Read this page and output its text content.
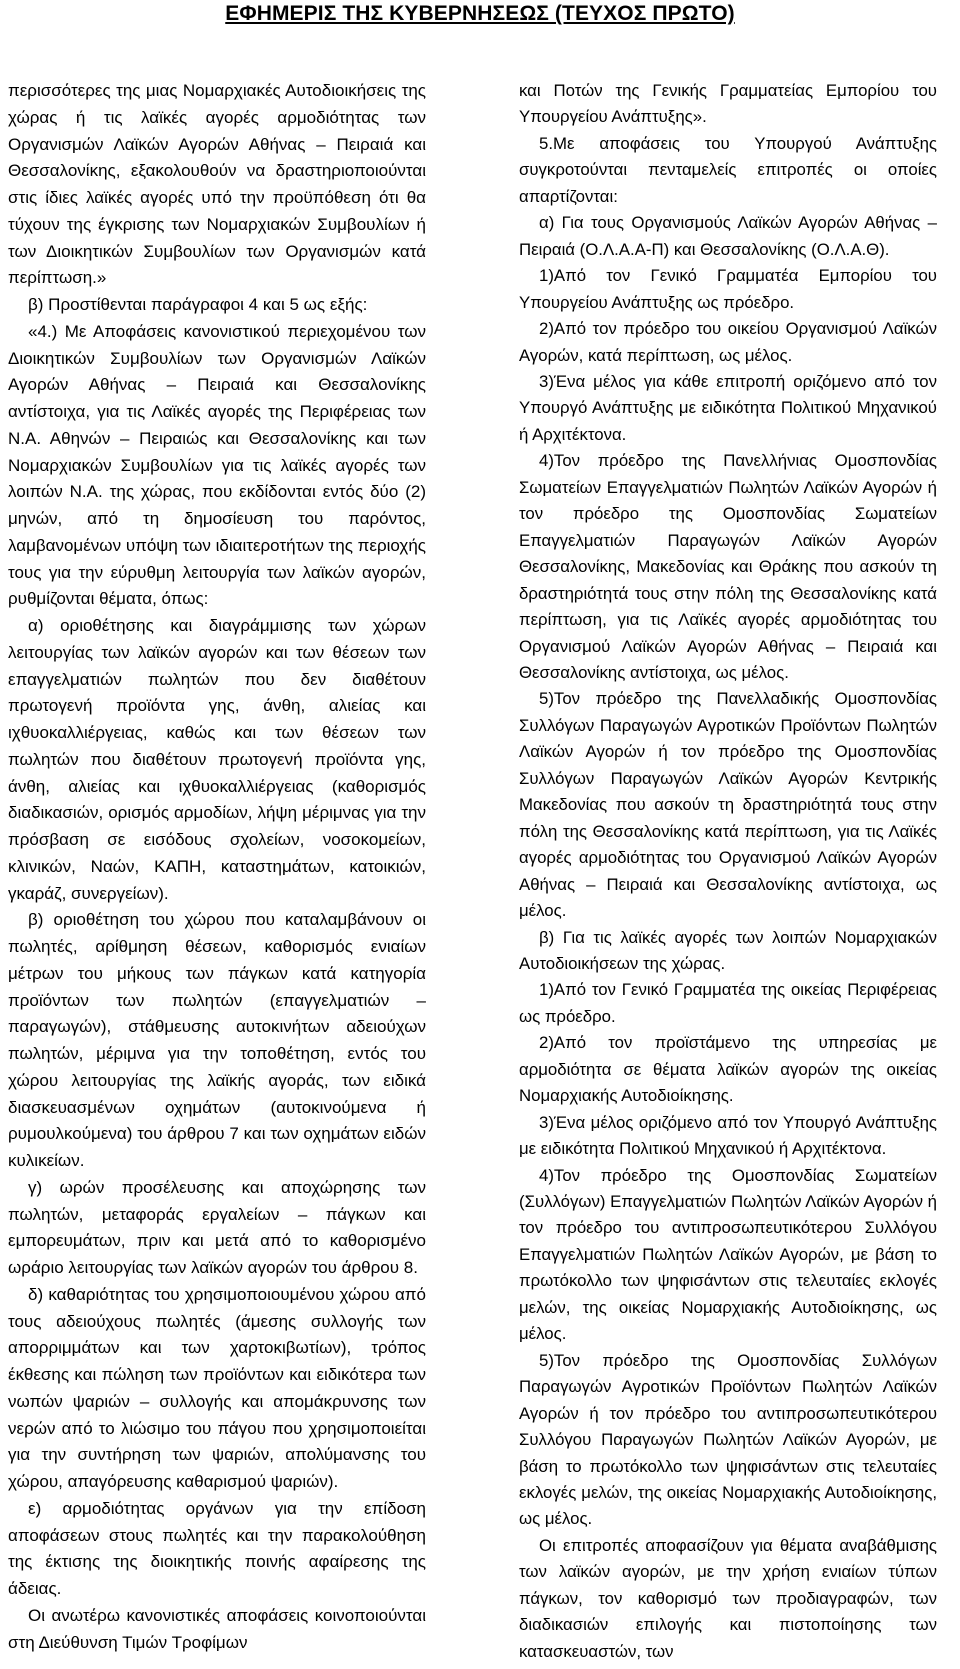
ΕΦΗΜΕΡΙΣ ΤΗΣ ΚΥΒΕΡΝΗΣΕΩΣ (ΤΕΥΧΟΣ ΠΡΩΤΟ)

περισσότερες της μιας Νομαρχιακές Αυτοδιοικήσεις της χώρας ή τις λαϊκές αγορές αρμοδιότητας των Οργανισμών Λαϊκών Αγορών Αθήνας – Πειραιά και Θεσσαλονίκης, εξακολουθούν να δραστηριοποιούνται στις ίδιες λαϊκές αγορές υπό την προϋπόθεση ότι θα τύχουν της έγκρισης των Νομαρχιακών Συμβουλίων ή των Διοικητικών Συμβουλίων των Οργανισμών κατά περίπτωση.»

β) Προστίθενται παράγραφοι 4 και 5 ως εξής:

«4.) Με Αποφάσεις κανονιστικού περιεχομένου των Διοικητικών Συμβουλίων των Οργανισμών Λαϊκών Αγορών Αθήνας – Πειραιά και Θεσσαλονίκης αντίστοιχα, για τις Λαϊκές αγορές της Περιφέρειας των Ν.Α. Αθηνών – Πειραιώς και Θεσσαλονίκης και των Νομαρχιακών Συμβουλίων για τις λαϊκές αγορές των λοιπών Ν.Α. της χώρας, που εκδίδονται εντός δύο (2) μηνών, από τη δημοσίευση του παρόντος, λαμβανομένων υπόψη των ιδιαιτεροτήτων της περιοχής τους για την εύρυθμη λειτουργία των λαϊκών αγορών, ρυθμίζονται θέματα, όπως:

α) οριοθέτησης και διαγράμμισης των χώρων λειτουργίας των λαϊκών αγορών και των θέσεων των επαγγελματιών πωλητών που δεν διαθέτουν πρωτογενή προϊόντα γης, άνθη, αλιείας και ιχθυοκαλλιέργειας, καθώς και των θέσεων των πωλητών που διαθέτουν πρωτογενή προϊόντα γης, άνθη, αλιείας και ιχθυοκαλλιέργειας (καθορισμός διαδικασιών, ορισμός αρμοδίων, λήψη μέριμνας για την πρόσβαση σε εισόδους σχολείων, νοσοκομείων, κλινικών, Ναών, ΚΑΠΗ, καταστημάτων, κατοικιών, γκαράζ, συνεργείων).

β) οριοθέτηση του χώρου που καταλαμβάνουν οι πωλητές, αρίθμηση θέσεων, καθορισμός ενιαίων μέτρων του μήκους των πάγκων κατά κατηγορία προϊόντων των πωλητών (επαγγελματιών – παραγωγών), στάθμευσης αυτοκινήτων αδειούχων πωλητών, μέριμνα για την τοποθέτηση, εντός του χώρου λειτουργίας της λαϊκής αγοράς, των ειδικά διασκευασμένων οχημάτων (αυτοκινούμενα ή ρυμουλκούμενα) του άρθρου 7 και των οχημάτων ειδών κυλικείων.

γ) ωρών προσέλευσης και αποχώρησης των πωλητών, μεταφοράς εργαλείων – πάγκων και εμπορευμάτων, πριν και μετά από το καθορισμένο ωράριο λειτουργίας των λαϊκών αγορών του άρθρου 8.

δ) καθαριότητας του χρησιμοποιουμένου χώρου από τους αδειούχους πωλητές (άμεσης συλλογής των απορριμμάτων και των χαρτοκιβωτίων), τρόπος έκθεσης και πώληση των προϊόντων και ειδικότερα των νωπών ψαριών – συλλογής και απομάκρυνσης των νερών από το λιώσιμο του πάγου που χρησιμοποιείται για την συντήρηση των ψαριών, απολύμανσης του χώρου, απαγόρευσης καθαρισμού ψαριών).

ε) αρμοδιότητας οργάνων για την επίδοση αποφάσεων στους πωλητές και την παρακολούθηση της έκτισης της διοικητικής ποινής αφαίρεσης της άδειας.

Οι ανωτέρω κανονιστικές αποφάσεις κοινοποιούνται στη Διεύθυνση Τιμών Τροφίμων

και Ποτών της Γενικής Γραμματείας Εμπορίου του Υπουργείου Ανάπτυξης».

5.Με αποφάσεις του Υπουργού Ανάπτυξης συγκροτούνται πενταμελείς επιτροπές οι οποίες απαρτίζονται:

α) Για τους Οργανισμούς Λαϊκών Αγορών Αθήνας – Πειραιά (Ο.Λ.Α.Α-Π) και Θεσσαλονίκης (Ο.Λ.Α.Θ).

1)Από τον Γενικό Γραμματέα Εμπορίου του Υπουργείου Ανάπτυξης ως πρόεδρο.

2)Από τον πρόεδρο του οικείου Οργανισμού Λαϊκών Αγορών, κατά περίπτωση, ως μέλος.

3)Ένα μέλος για κάθε επιτροπή οριζόμενο από τον Υπουργό Ανάπτυξης με ειδικότητα Πολιτικού Μηχανικού ή Αρχιτέκτονα.

4)Τον πρόεδρο της Πανελλήνιας Ομοσπονδίας Σωματείων Επαγγελματιών Πωλητών Λαϊκών Αγορών ή τον πρόεδρο της Ομοσπονδίας Σωματείων Επαγγελματιών Παραγωγών Λαϊκών Αγορών Θεσσαλονίκης, Μακεδονίας και Θράκης που ασκούν τη δραστηριότητά τους στην πόλη της Θεσσαλονίκης κατά περίπτωση, για τις Λαϊκές αγορές αρμοδιότητας του Οργανισμού Λαϊκών Αγορών Αθήνας – Πειραιά και Θεσσαλονίκης αντίστοιχα, ως μέλος.

5)Τον πρόεδρο της Πανελλαδικής Ομοσπονδίας Συλλόγων Παραγωγών Αγροτικών Προϊόντων Πωλητών Λαϊκών Αγορών ή τον πρόεδρο της Ομοσπονδίας Συλλόγων Παραγωγών Λαϊκών Αγορών Κεντρικής Μακεδονίας που ασκούν τη δραστηριότητά τους στην πόλη της Θεσσαλονίκης κατά περίπτωση, για τις Λαϊκές αγορές αρμοδιότητας του Οργανισμού Λαϊκών Αγορών Αθήνας – Πειραιά και Θεσσαλονίκης αντίστοιχα, ως μέλος.

β) Για τις λαϊκές αγορές των λοιπών Νομαρχιακών Αυτοδιοικήσεων της χώρας.

1)Από τον Γενικό Γραμματέα της οικείας Περιφέρειας ως πρόεδρο.

2)Από τον προϊστάμενο της υπηρεσίας με αρμοδιότητα σε θέματα λαϊκών αγορών της οικείας Νομαρχιακής Αυτοδιοίκησης.

3)Ένα μέλος οριζόμενο από τον Υπουργό Ανάπτυξης με ειδικότητα Πολιτικού Μηχανικού ή Αρχιτέκτονα.

4)Τον πρόεδρο της Ομοσπονδίας Σωματείων (Συλλόγων) Επαγγελματιών Πωλητών Λαϊκών Αγορών ή τον πρόεδρο του αντιπροσωπευτικότερου Συλλόγου Επαγγελματιών Πωλητών Λαϊκών Αγορών, με βάση το πρωτόκολλο των ψηφισάντων στις τελευταίες εκλογές μελών, της οικείας Νομαρχιακής Αυτοδιοίκησης, ως μέλος.

5)Τον πρόεδρο της Ομοσπονδίας Συλλόγων Παραγωγών Αγροτικών Προϊόντων Πωλητών Λαϊκών Αγορών ή τον πρόεδρο του αντιπροσωπευτικότερου Συλλόγου Παραγωγών Πωλητών Λαϊκών Αγορών, με βάση το πρωτόκολλο των ψηφισάντων στις τελευταίες εκλογές μελών, της οικείας Νομαρχιακής Αυτοδιοίκησης, ως μέλος.

Οι επιτροπές αποφασίζουν για θέματα αναβάθμισης των λαϊκών αγορών, με την χρήση ενιαίων τύπων πάγκων, τον καθορισμό των προδιαγραφών, των διαδικασιών επιλογής και πιστοποίησης των κατασκευαστών, των
